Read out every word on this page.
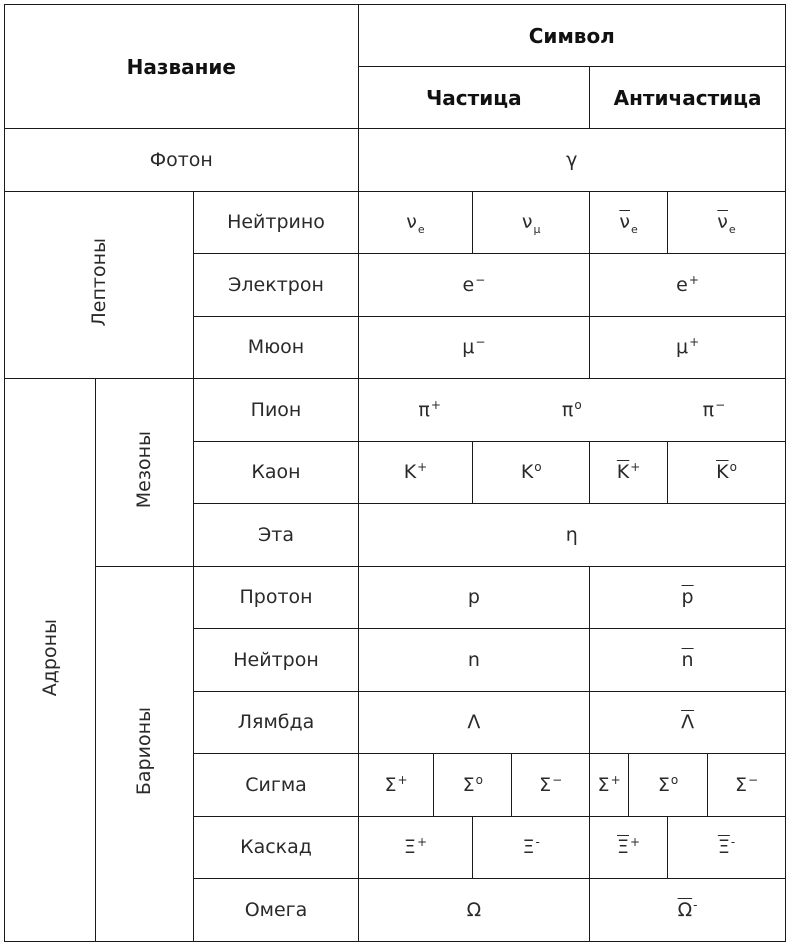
Название			Символ							
			Частица				Античастица			
Фотон			γ							
Лептоны		Нейтрино	$\nu_e$		$\nu_\mu$		$\overline{\nu}_e$		$\overline{\nu}_e$
		Электрон	e−				e+
		Мюон	μ−				μ+
Адроны	Мезоны	Пион	π+ $\pi^o$ π−

		Каон	K+		$K^o$		$\overline{K}^+$		$\overline{K}^o$
		Эта	η							
	Барионы	Протон	p				$\overline{p}$
		Нейтрон	n				$\overline{n}$
		Лямбда	Λ				$\overline{\Lambda}$
		Сигма	Σ+	$\Sigma^o$		Σ−	Σ+	$\Sigma^o$		Σ−
		Каскад	Ξ+		Ξ-		$\overline{\Xi}^+$		$\overline{\Xi}^-$
		Омега	Ω				$\overline{\Omega}^-$
